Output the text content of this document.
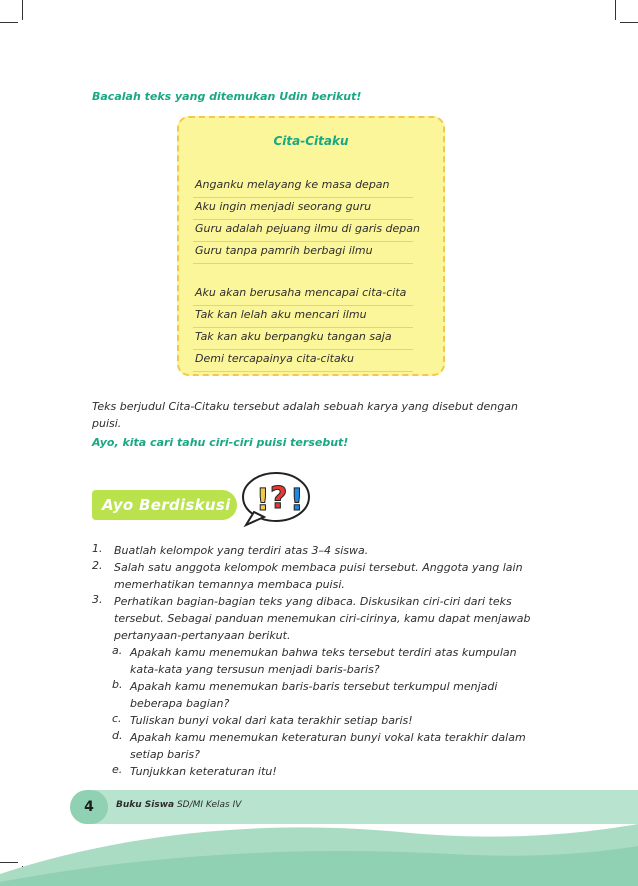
Bacalah teks yang ditemukan Udin berikut!
Cita-Citaku
Anganku melayang ke masa depan
Aku ingin menjadi seorang guru
Guru adalah pejuang ilmu di garis depan
Guru tanpa pamrih berbagi ilmu
Aku akan berusaha mencapai cita-cita
Tak kan lelah aku mencari ilmu
Tak kan aku berpangku tangan saja
Demi tercapainya cita-citaku
Teks berjudul Cita-Citaku tersebut adalah sebuah karya yang disebut dengan puisi.
Ayo, kita cari tahu ciri-ciri puisi tersebut!
Ayo Berdiskusi ! ? !
1. Buatlah kelompok yang terdiri atas 3–4 siswa.
2. Salah satu anggota kelompok membaca puisi tersebut. Anggota yang lain memerhatikan temannya membaca puisi.
3. Perhatikan bagian-bagian teks yang dibaca. Diskusikan ciri-ciri dari teks tersebut. Sebagai panduan menemukan ciri-cirinya, kamu dapat menjawab pertanyaan-pertanyaan berikut.
a. Apakah kamu menemukan bahwa teks tersebut terdiri atas kumpulan kata-kata yang tersusun menjadi baris-baris?
b. Apakah kamu menemukan baris-baris tersebut terkumpul menjadi beberapa bagian?
c. Tuliskan bunyi vokal dari kata terakhir setiap baris!
d. Apakah kamu menemukan keteraturan bunyi vokal kata terakhir dalam setiap baris?
e. Tunjukkan keteraturan itu!
4	Buku Siswa SD/MI Kelas IV
